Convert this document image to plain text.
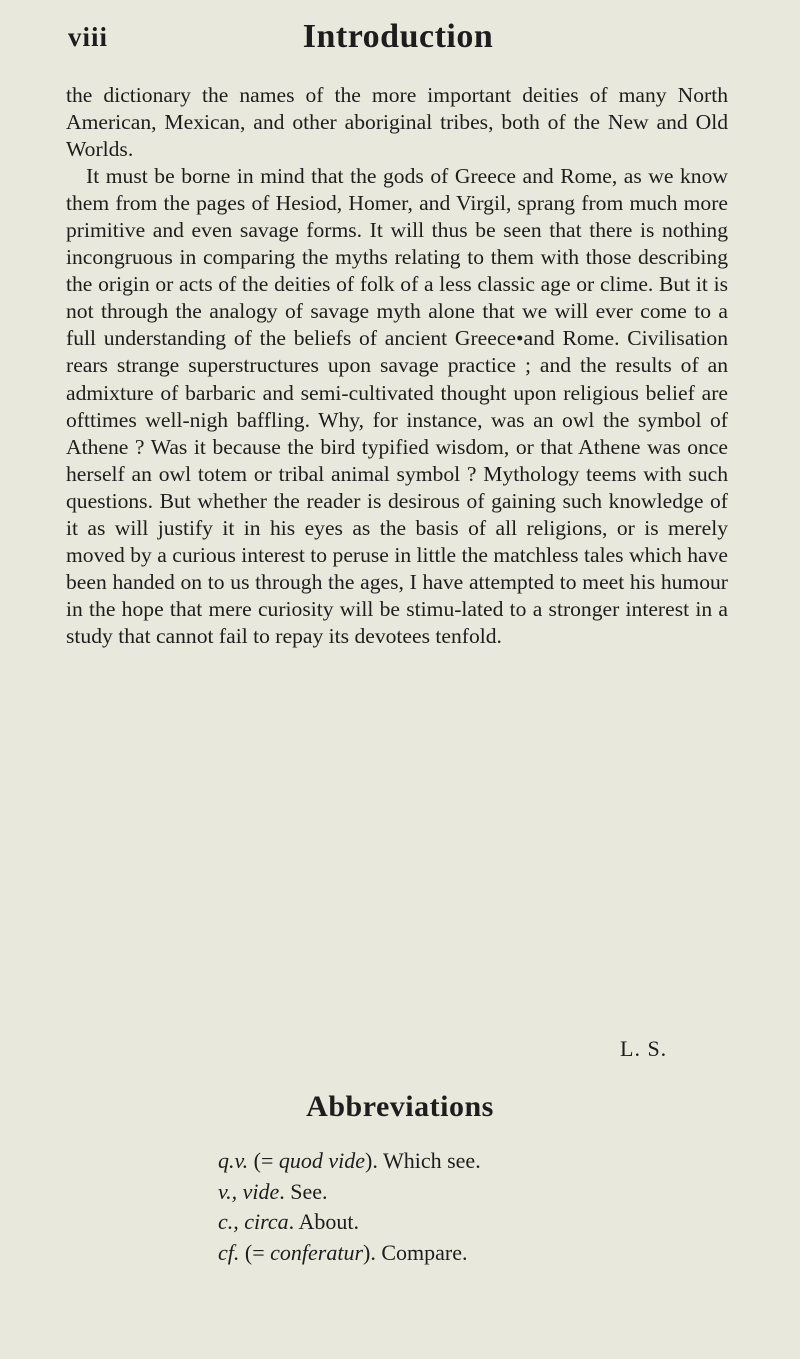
viii	Introduction

the dictionary the names of the more important deities of many North American, Mexican, and other aboriginal tribes, both of the New and Old Worlds.

It must be borne in mind that the gods of Greece and Rome, as we know them from the pages of Hesiod, Homer, and Virgil, sprang from much more primitive and even savage forms. It will thus be seen that there is nothing incongruous in comparing the myths relating to them with those describing the origin or acts of the deities of folk of a less classic age or clime. But it is not through the analogy of savage myth alone that we will ever come to a full understanding of the beliefs of ancient Greece•and Rome. Civilisation rears strange superstructures upon savage practice ; and the results of an admixture of barbaric and semi-cultivated thought upon religious belief are ofttimes well-nigh baffling. Why, for instance, was an owl the symbol of Athene ? Was it because the bird typified wisdom, or that Athene was once herself an owl totem or tribal animal symbol ? Mythology teems with such questions. But whether the reader is desirous of gaining such knowledge of it as will justify it in his eyes as the basis of all religions, or is merely moved by a curious interest to peruse in little the matchless tales which have been handed on to us through the ages, I have attempted to meet his humour in the hope that mere curiosity will be stimu-lated to a stronger interest in a study that cannot fail to repay its devotees tenfold.

L. S.
Abbreviations
q.v. (= quod vide). Which see.
v., vide. See.
c., circa. About.
cf. (= conferatur). Compare.
